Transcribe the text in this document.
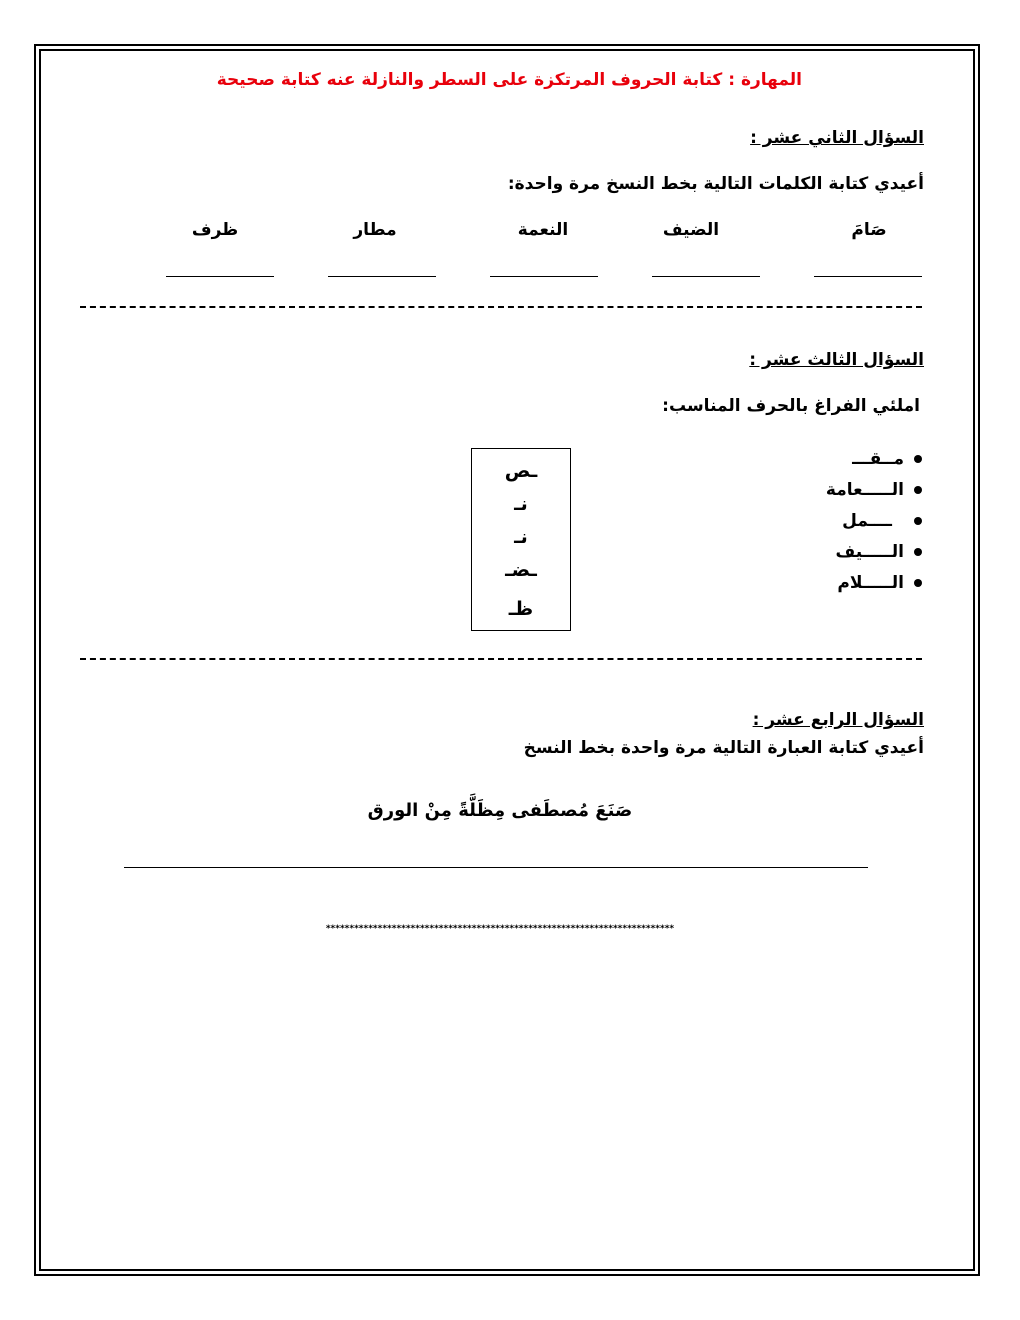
المهارة : كتابة الحروف المرتكزة على السطر والنازلة عنه كتابة صحيحة
السؤال الثاني عشر :
أعيدي كتابة الكلمات التالية بخط النسخ مرة واحدة:
صَامَ
الضيف
النعمة
مطار
ظرف
السؤال الثالث عشر :
املئي الفراغ بالحرف المناسب:
مــقـــ
الـــــعامة
ــــمل
الـــــيف
الـــــلام
ـص
نـ
نـ
ـضـ
ظـ
السؤال الرابع عشر :
أعيدي كتابة العبارة التالية مرة واحدة بخط النسخ
صَنَعَ مُصطَفى مِظَلَّةً مِنْ الورق
**************************************************************************
